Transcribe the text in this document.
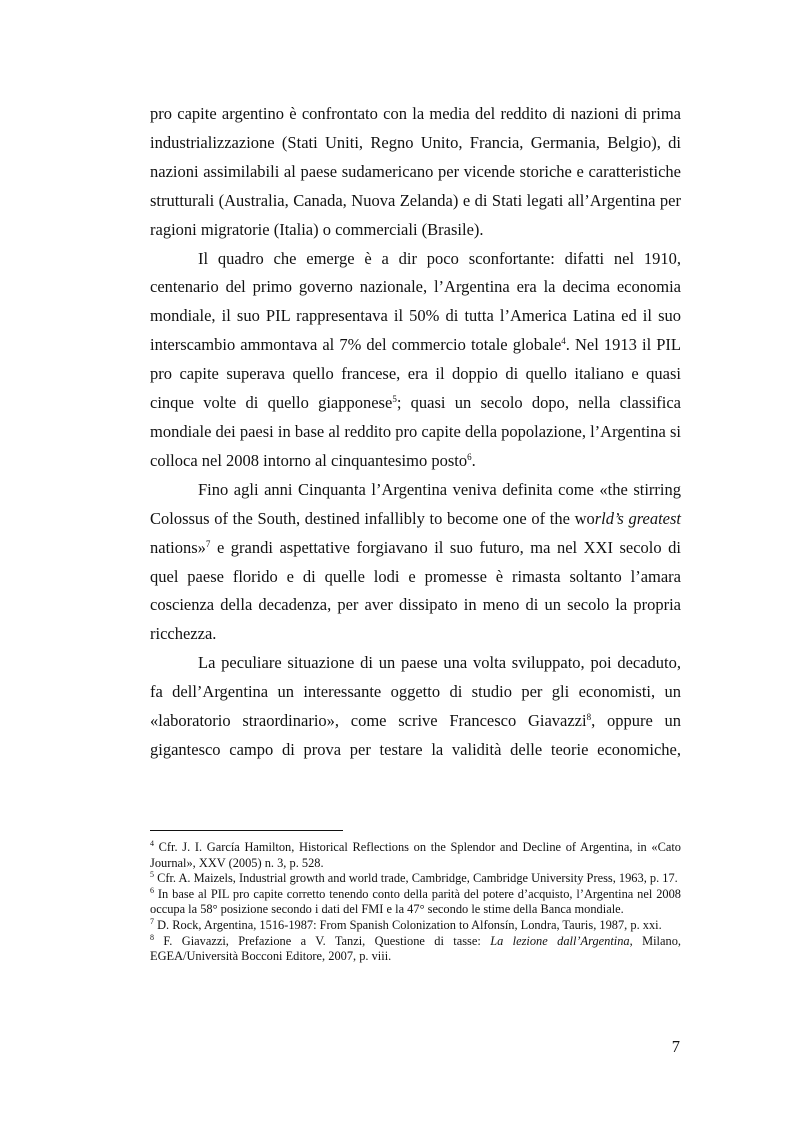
pro capite argentino è confrontato con la media del reddito di nazioni di prima industrializzazione (Stati Uniti, Regno Unito, Francia, Germania, Belgio), di nazioni assimilabili al paese sudamericano per vicende storiche e caratteristiche strutturali (Australia, Canada, Nuova Zelanda) e di Stati legati all’Argentina per ragioni migratorie (Italia) o commerciali (Brasile).

Il quadro che emerge è a dir poco sconfortante: difatti nel 1910, centenario del primo governo nazionale, l’Argentina era la decima economia mondiale, il suo PIL rappresentava il 50% di tutta l’America Latina ed il suo interscambio ammontava al 7% del commercio totale globale$^4$. Nel 1913 il PIL pro capite superava quello francese, era il doppio di quello italiano e quasi cinque volte di quello giapponese$^5$; quasi un secolo dopo, nella classifica mondiale dei paesi in base al reddito pro capite della popolazione, l’Argentina si colloca nel 2008 intorno al cinquantesimo posto$^6$.

Fino agli anni Cinquanta l’Argentina veniva definita come «the stirring Colossus of the South, destined infallibly to become one of the world’s greatest nations»$^7$ e grandi aspettative forgiavano il suo futuro, ma nel XXI secolo di quel paese florido e di quelle lodi e promesse è rimasta soltanto l’amara coscienza della decadenza, per aver dissipato in meno di un secolo la propria ricchezza.

La peculiare situazione di un paese una volta sviluppato, poi decaduto, fa dell’Argentina un interessante oggetto di studio per gli economisti, un «laboratorio straordinario», come scrive Francesco Giavazzi$^8$, oppure un gigantesco campo di prova per testare la validità delle teorie economiche,

$^4$ Cfr. J. I. García Hamilton, Historical Reflections on the Splendor and Decline of Argentina, in «Cato Journal», XXV (2005) n. 3, p. 528.

$^5$ Cfr. A. Maizels, Industrial growth and world trade, Cambridge, Cambridge University Press, 1963, p. 17.

$^6$ In base al PIL pro capite corretto tenendo conto della parità del potere d’acquisto, l’Argentina nel 2008 occupa la 58° posizione secondo i dati del FMI e la 47° secondo le stime della Banca mondiale.

$^7$ D. Rock, Argentina, 1516-1987: From Spanish Colonization to Alfonsín, Londra, Tauris, 1987, p. xxi.

$^8$ F. Giavazzi, Prefazione a V. Tanzi, Questione di tasse: La lezione dall’Argentina, Milano, EGEA/Università Bocconi Editore, 2007, p. viii.

7
